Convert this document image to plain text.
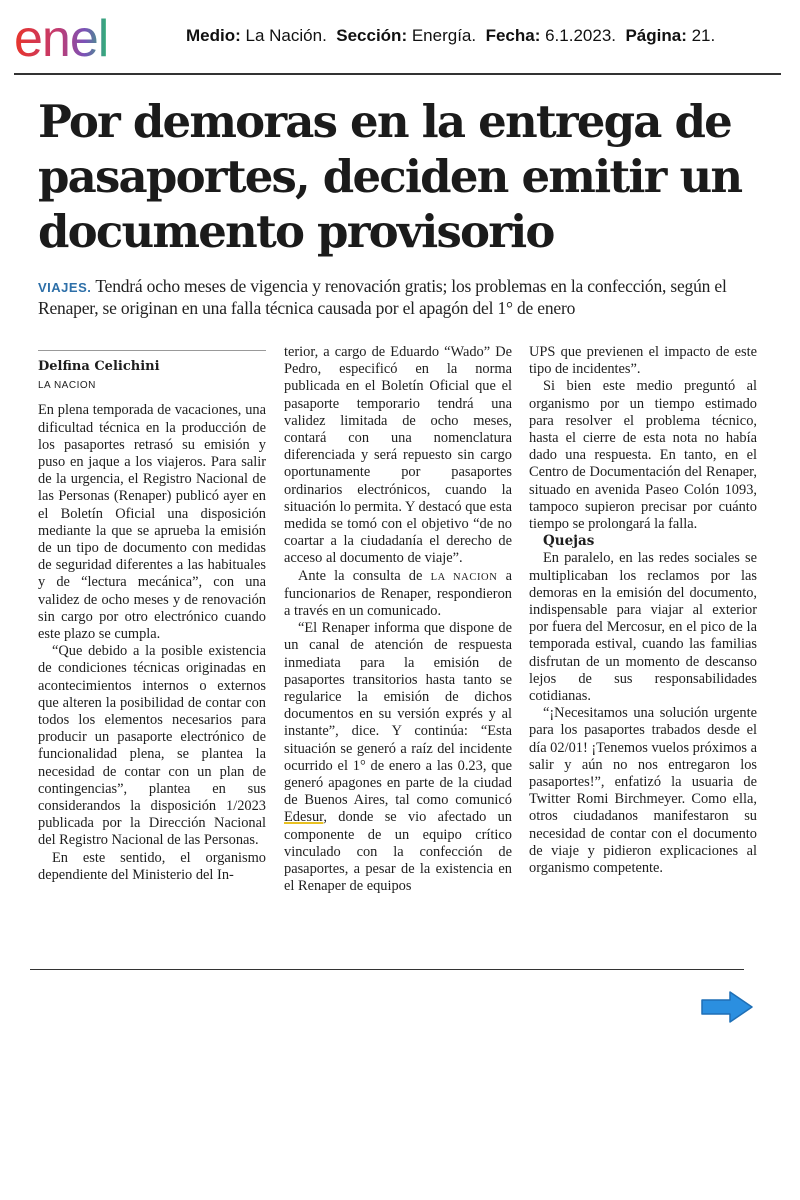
enel	Medio: La Nación. Sección: Energía. Fecha: 6.1.2023. Página: 21.
Por demoras en la entrega de pasaportes, deciden emitir un documento provisorio

VIAJES. Tendrá ocho meses de vigencia y renovación gratis; los problemas en la confección, según el Renaper, se originan en una falla técnica causada por el apagón del 1° de enero

Delfina Celichini

LA NACION

En plena temporada de vacaciones, una dificultad técnica en la producción de los pasaportes retrasó su emisión y puso en jaque a los viajeros. Para salir de la urgencia, el Registro Nacional de las Personas (Renaper) publicó ayer en el Boletín Oficial una disposición mediante la que se aprueba la emisión de un tipo de documento con medidas de seguridad diferentes a las habituales y de “lectura mecánica”, con una validez de ocho meses y de renovación sin cargo por otro electrónico cuando este plazo se cumpla.

“Que debido a la posible existencia de condiciones técnicas originadas en acontecimientos internos o externos que alteren la posibilidad de contar con todos los elementos necesarios para producir un pasaporte electrónico de funcionalidad plena, se plantea la necesidad de contar con un plan de contingencias”, plantea en sus considerandos la disposición 1/2023 publicada por la Dirección Nacional del Registro Nacional de las Personas.

En este sentido, el organismo dependiente del Ministerio del In-

terior, a cargo de Eduardo “Wado” De Pedro, especificó en la norma publicada en el Boletín Oficial que el pasaporte temporario tendrá una validez limitada de ocho meses, contará con una nomenclatura diferenciada y será repuesto sin cargo oportunamente por pasaportes ordinarios electrónicos, cuando la situación lo permita. Y destacó que esta medida se tomó con el objetivo “de no coartar a la ciudadanía el derecho de acceso al documento de viaje”.

Ante la consulta de LA NACION a funcionarios de Renaper, respondieron a través en un comunicado.

“El Renaper informa que dispone de un canal de atención de respuesta inmediata para la emisión de pasaportes transitorios hasta tanto se regularice la emisión de dichos documentos en su versión exprés y al instante”, dice. Y continúa: “Esta situación se generó a raíz del incidente ocurrido el 1° de enero a las 0.23, que generó apagones en parte de la ciudad de Buenos Aires, tal como comunicó Edesur, donde se vio afectado un componente de un equipo crítico vinculado con la confección de pasaportes, a pesar de la existencia en el Renaper de equipos

UPS que previenen el impacto de este tipo de incidentes”.

Si bien este medio preguntó al organismo por un tiempo estimado para resolver el problema técnico, hasta el cierre de esta nota no había dado una respuesta. En tanto, en el Centro de Documentación del Renaper, situado en avenida Paseo Colón 1093, tampoco supieron precisar por cuánto tiempo se prolongará la falla.

Quejas

En paralelo, en las redes sociales se multiplicaban los reclamos por las demoras en la emisión del documento, indispensable para viajar al exterior por fuera del Mercosur, en el pico de la temporada estival, cuando las familias disfrutan de un momento de descanso lejos de sus responsabilidades cotidianas.

“¡Necesitamos una solución urgente para los pasaportes trabados desde el día 02/01! ¡Tenemos vuelos próximos a salir y aún no nos entregaron los pasaportes!”, enfatizó la usuaria de Twitter Romi Birchmeyer. Como ella, otros ciudadanos manifestaron su necesidad de contar con el documento de viaje y pidieron explicaciones al organismo competente.
